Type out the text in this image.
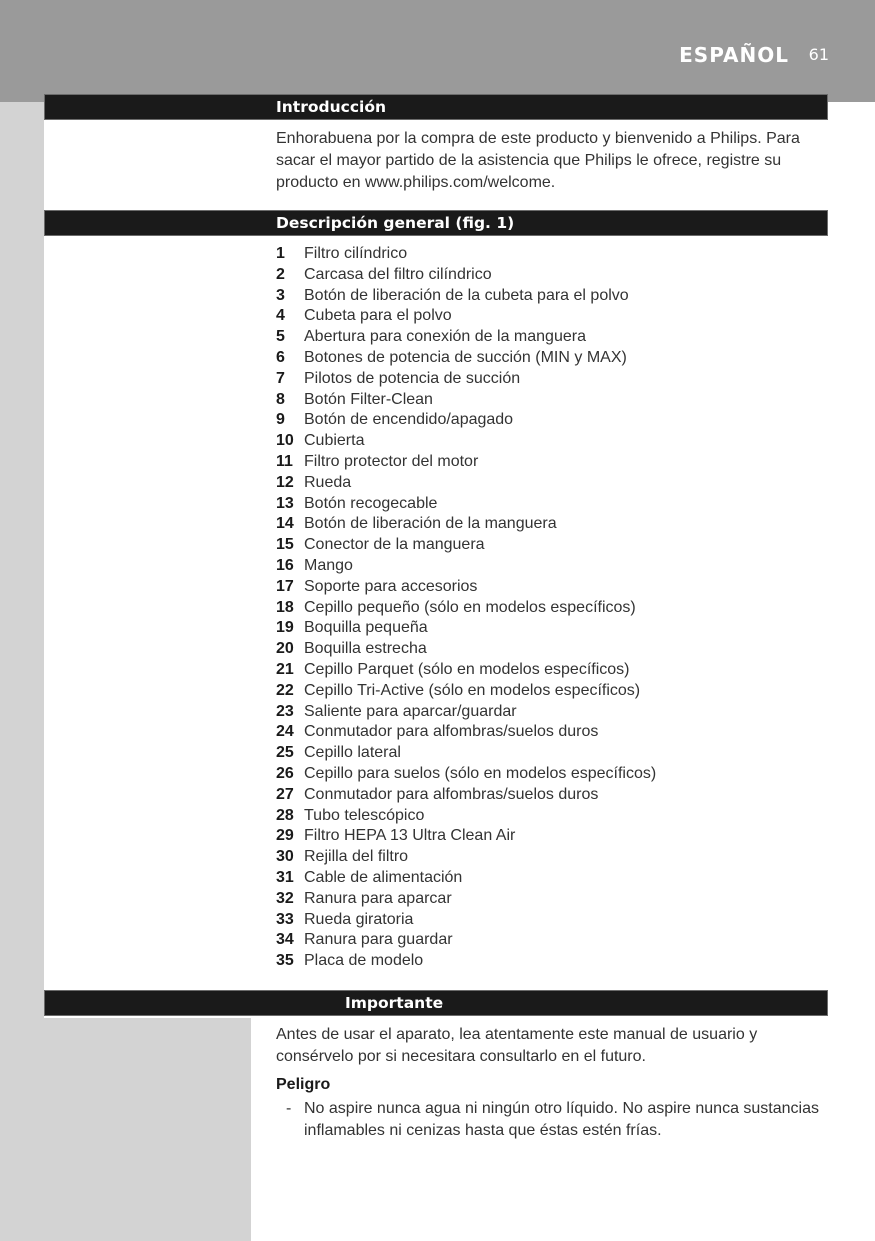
ESPAÑOL 61
Introducción

Enhorabuena por la compra de este producto y bienvenido a Philips. Para sacar el mayor partido de la asistencia que Philips le ofrece, registre su producto en www.philips.com/welcome.

Descripción general (fig. 1)
1 Filtro cilíndrico
2 Carcasa del filtro cilíndrico
3 Botón de liberación de la cubeta para el polvo
4 Cubeta para el polvo
5 Abertura para conexión de la manguera
6 Botones de potencia de succión (MIN y MAX)
7 Pilotos de potencia de succión
8 Botón Filter-Clean
9 Botón de encendido/apagado
10 Cubierta
11 Filtro protector del motor
12 Rueda
13 Botón recogecable
14 Botón de liberación de la manguera
15 Conector de la manguera
16 Mango
17 Soporte para accesorios
18 Cepillo pequeño (sólo en modelos específicos)
19 Boquilla pequeña
20 Boquilla estrecha
21 Cepillo Parquet (sólo en modelos específicos)
22 Cepillo Tri-Active (sólo en modelos específicos)
23 Saliente para aparcar/guardar
24 Conmutador para alfombras/suelos duros
25 Cepillo lateral
26 Cepillo para suelos (sólo en modelos específicos)
27 Conmutador para alfombras/suelos duros
28 Tubo telescópico
29 Filtro HEPA 13 Ultra Clean Air
30 Rejilla del filtro
31 Cable de alimentación
32 Ranura para aparcar
33 Rueda giratoria
34 Ranura para guardar
35 Placa de modelo
Importante

Antes de usar el aparato, lea atentamente este manual de usuario y consérvelo por si necesitara consultarlo en el futuro.

Peligro
- No aspire nunca agua ni ningún otro líquido. No aspire nunca sustancias inflamables ni cenizas hasta que éstas estén frías.
